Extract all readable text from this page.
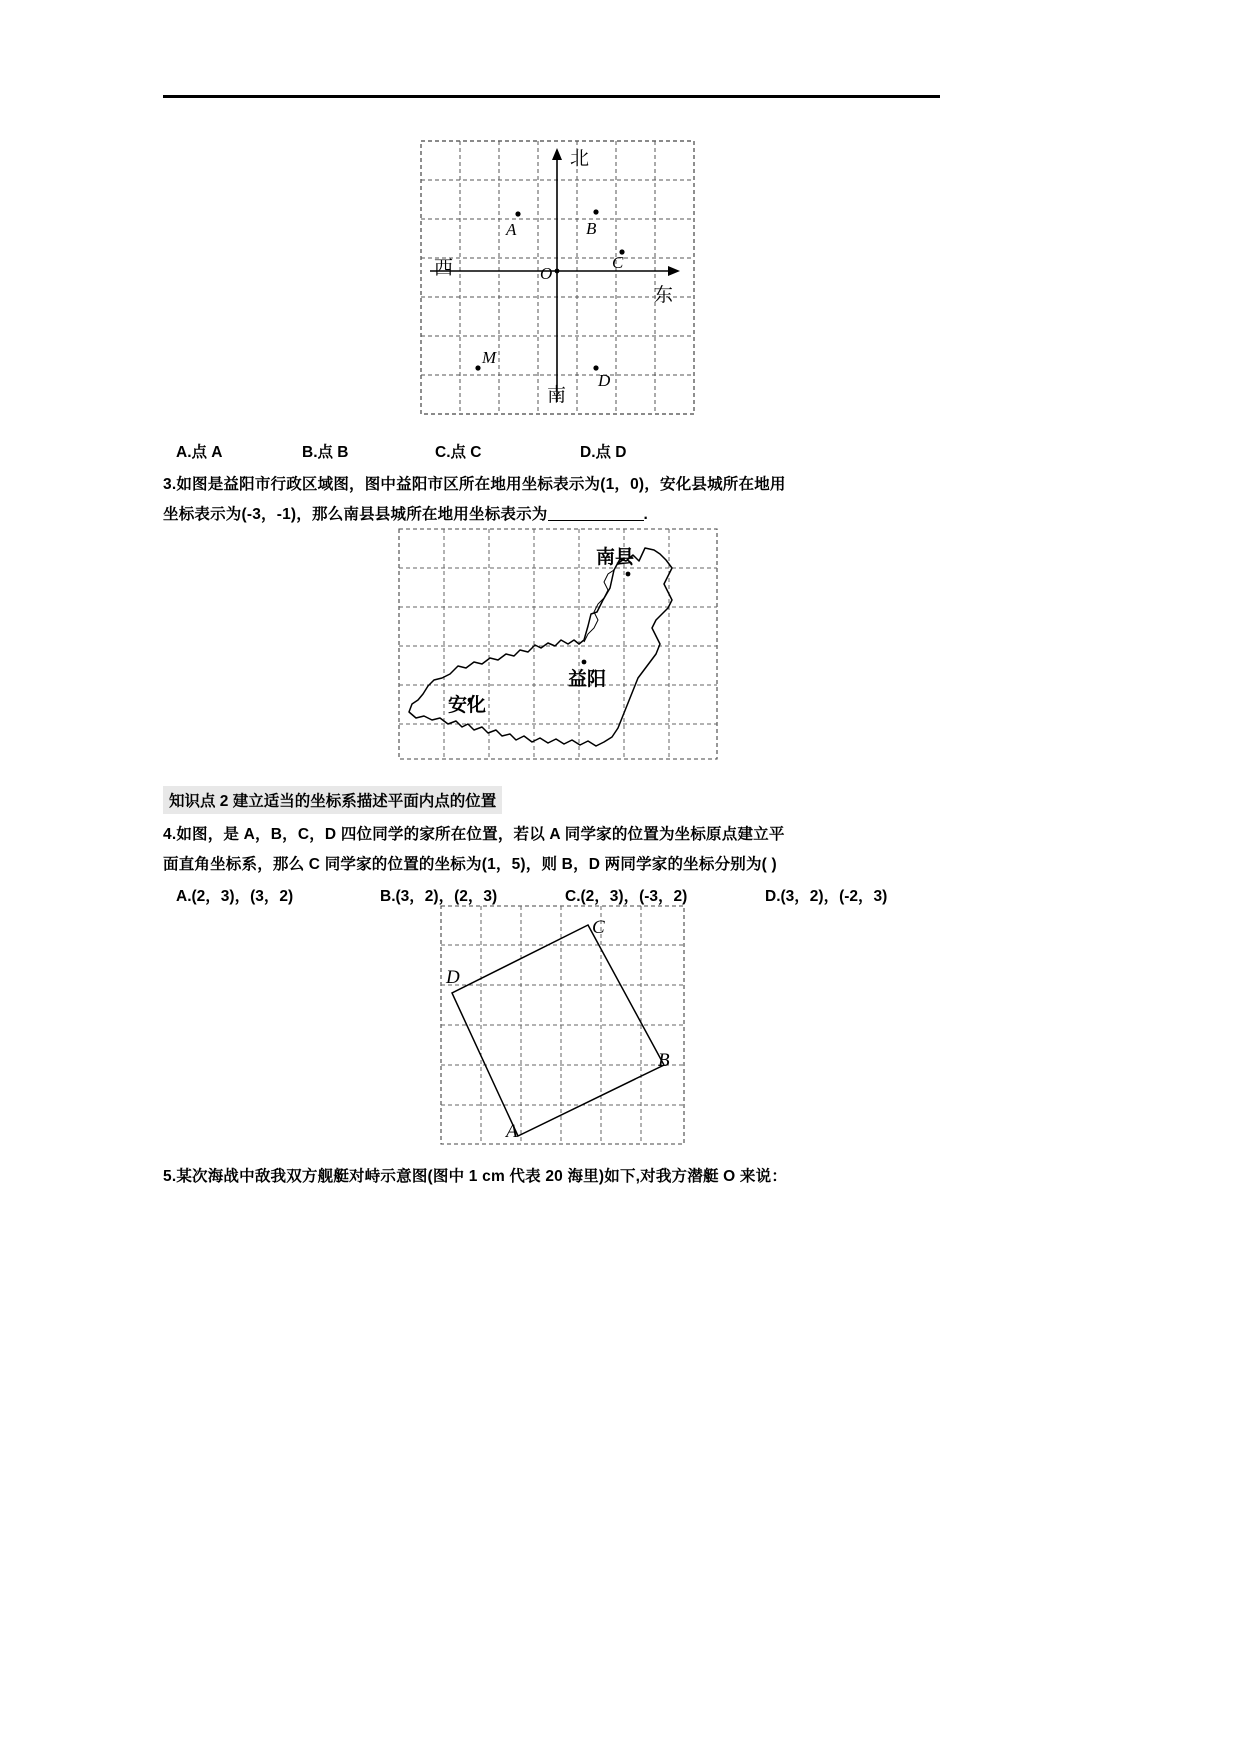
北
南
西
东
A	B
C
M
D
O
A.点 A	B.点 B	C.点 C	D.点 D
3.如图是益阳市行政区域图，图中益阳市区所在地用坐标表示为(1，0)，安化县城所在地用
坐标表示为(-3，-1)，那么南县县城所在地用坐标表示为	.
南县
益阳
安化
知识点 2 建立适当的坐标系描述平面内点的位置
4.如图，是 A，B，C，D 四位同学的家所在位置，若以 A 同学家的位置为坐标原点建立平
面直角坐标系，那么 C 同学家的位置的坐标为(1，5)，则 B，D 两同学家的坐标分别为( )
A.(2，3)，(3，2)	B.(3，2)，(2，3)	C.(2，3)，(-3，2)	D.(3，2)，(-2，3)
C
D
B
A
5.某次海战中敌我双方舰艇对峙示意图(图中 1 cm 代表 20 海里)如下,对我方潜艇 O 来说：
